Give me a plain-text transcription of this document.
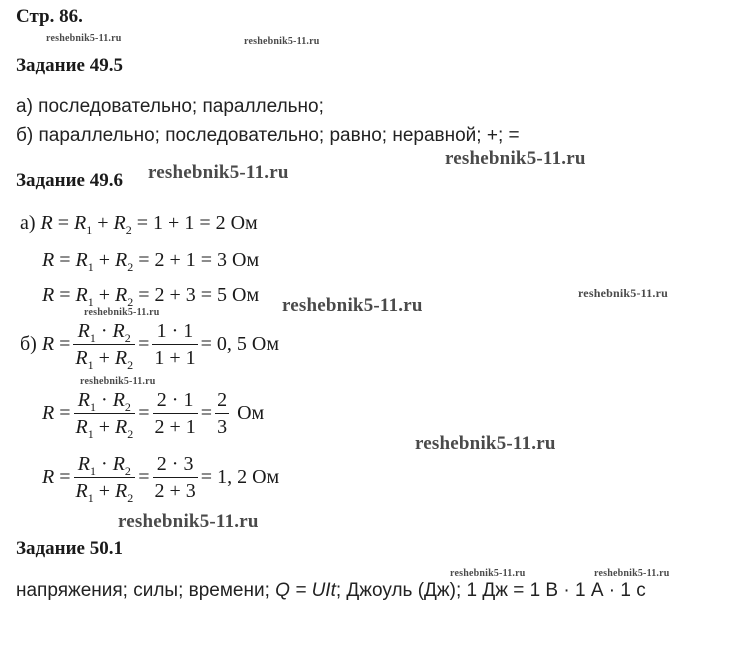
Стр. 86.
reshebnik5-11.ru	reshebnik5-11.ru
Задание 49.5
а) последовательно; параллельно;
б) параллельно; последовательно; равно; неравной; +; =
reshebnik5-11.ru
Задание 49.6 reshebnik5-11.ru
а) $R = R_1 + R_2 = 1 + 1 = 2$ Ом
$R = R_1 + R_2 = 2 + 1 = 3$ Ом
$R = R_1 + R_2 = 2 + 3 = 5$ Ом reshebnik5-11.ru
reshebnik5-11.ru
reshebnik5-11.ru
б)
$R = \frac{R_1 \cdot R_2}{R_1 + R_2} = \frac{1 \cdot 1}{1 + 1}$ =
0, 5 Ом
reshebnik5-11.ru
$R = \frac{R_1 \cdot R_2}{R_1 + R_2} = \frac{2 \cdot 1}{2 + 1} = \frac{2}{3}$
Ом
reshebnik5-11.ru
$R = \frac{R_1 \cdot R_2}{R_1 + R_2} = \frac{2 \cdot 3}{2 + 3}$ =
1, 2 Ом
reshebnik5-11.ru
Задание 50.1
reshebnik5-11.ru	reshebnik5-11.ru
напряжения; силы; времени; Q = UIt; Джоуль (Дж); 1 Дж = 1 В · 1 А · 1 с
